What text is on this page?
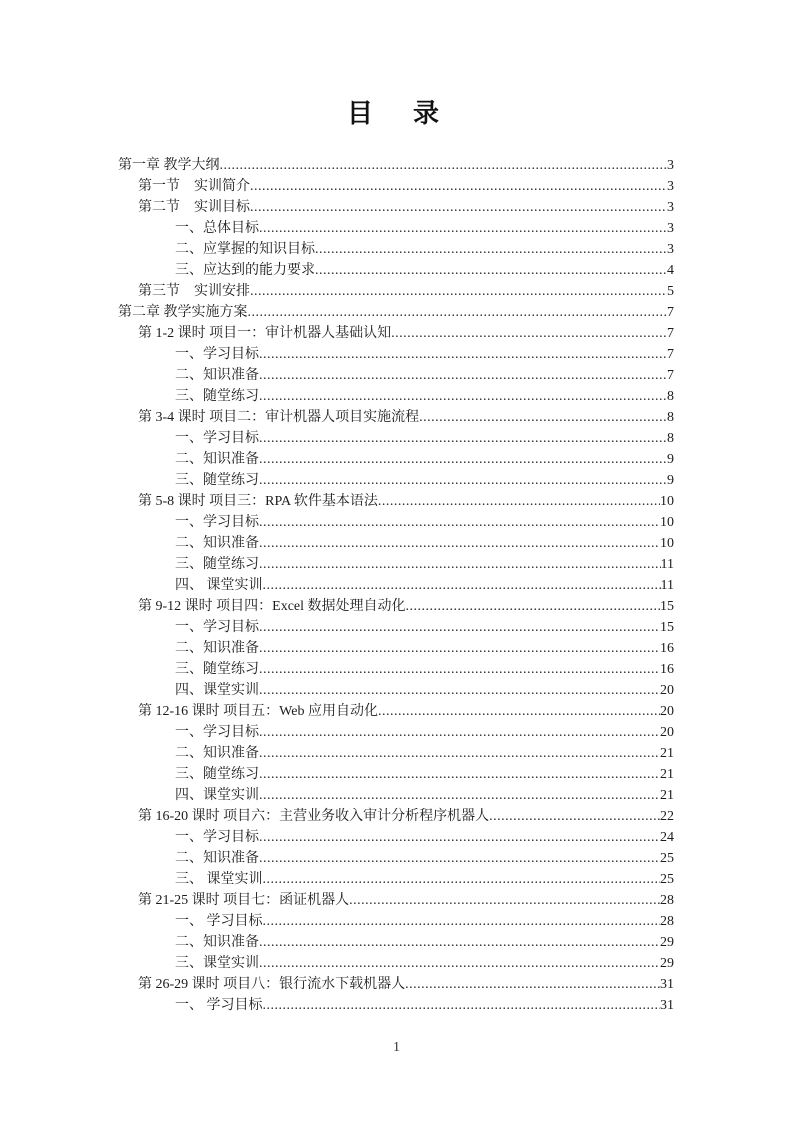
目　录
第一章 教学大纲 .....	3
第一节　实训简介 .....	3
第二节　实训目标 .....	3
一、总体目标 .....	3
二、应掌握的知识目标 .....	3
三、应达到的能力要求 .....	4
第三节　实训安排 .....	5
第二章 教学实施方案 .....	7
第 1-2 课时 项目一：审计机器人基础认知 .....	7
一、学习目标 .....	7
二、知识准备 .....	7
三、随堂练习 .....	8
第 3-4 课时 项目二：审计机器人项目实施流程 .....	8
一、学习目标 .....	8
二、知识准备 .....	9
三、随堂练习 .....	9
第 5-8 课时 项目三：RPA 软件基本语法 .....	10
一、学习目标 .....	10
二、知识准备 .....	10
三、随堂练习 .....	11
四、 课堂实训 .....	11
第 9-12 课时 项目四：Excel 数据处理自动化 .....	15
一、学习目标 .....	15
二、知识准备 .....	16
三、随堂练习 .....	16
四、课堂实训 .....	20
第 12-16 课时 项目五：Web 应用自动化 .....	20
一、学习目标 .....	20
二、知识准备 .....	21
三、随堂练习 .....	21
四、课堂实训 .....	21
第 16-20 课时 项目六：主营业务收入审计分析程序机器人 .....	22
一、学习目标 .....	24
二、知识准备 .....	25
三、 课堂实训 .....	25
第 21-25 课时 项目七：函证机器人 .....	28
一、 学习目标 .....	28
二、知识准备 .....	29
三、课堂实训 .....	29
第 26-29 课时 项目八：银行流水下载机器人 .....	31
一、 学习目标 .....	31
1
